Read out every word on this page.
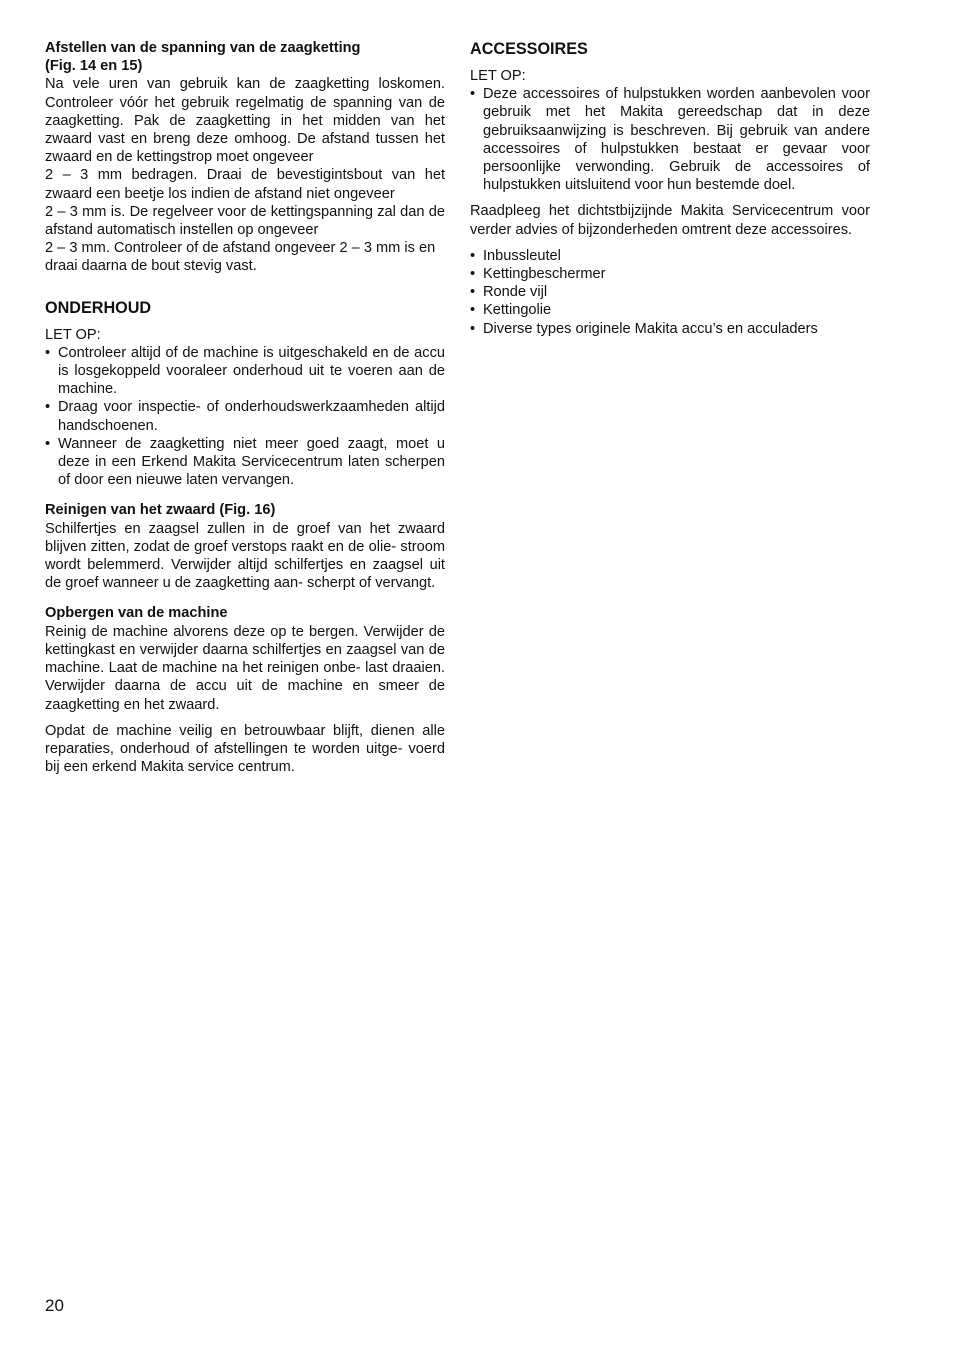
Afstellen van de spanning van de zaagketting
(Fig. 14 en 15)

Na vele uren van gebruik kan de zaagketting loskomen. Controleer vóór het gebruik regelmatig de spanning van de zaagketting. Pak de zaagketting in het midden van het zwaard vast en breng deze omhoog. De afstand tussen het zwaard en de kettingstrop moet ongeveer

2 – 3 mm bedragen. Draai de bevestigintsbout van het zwaard een beetje los indien de afstand niet ongeveer

2 – 3 mm is. De regelveer voor de kettingspanning zal dan de afstand automatisch instellen op ongeveer

2 – 3 mm. Controleer of de afstand ongeveer 2 – 3 mm is en draai daarna de bout stevig vast.

ONDERHOUD
LET OP:
• Controleer altijd of de machine is uitgeschakeld en de accu is losgekoppeld vooraleer onderhoud uit te voeren aan de machine.
• Draag voor inspectie- of onderhoudswerkzaamheden altijd handschoenen.
• Wanneer de zaagketting niet meer goed zaagt, moet u deze in een Erkend Makita Servicecentrum laten scherpen of door een nieuwe laten vervangen.
Reinigen van het zwaard (Fig. 16)

Schilfertjes en zaagsel zullen in de groef van het zwaard blijven zitten, zodat de groef verstops raakt en de olie- stroom wordt belemmerd. Verwijder altijd schilfertjes en zaagsel uit de groef wanneer u de zaagketting aan- scherpt of vervangt.

Opbergen van de machine

Reinig de machine alvorens deze op te bergen. Verwijder de kettingkast en verwijder daarna schilfertjes en zaagsel van de machine. Laat de machine na het reinigen onbe- last draaien. Verwijder daarna de accu uit de machine en smeer de zaagketting en het zwaard.

Opdat de machine veilig en betrouwbaar blijft, dienen alle reparaties, onderhoud of afstellingen te worden uitge- voerd bij een erkend Makita service centrum.

ACCESSOIRES
LET OP:
• Deze accessoires of hulpstukken worden aanbevolen voor gebruik met het Makita gereedschap dat in deze gebruiksaanwijzing is beschreven. Bij gebruik van andere accessoires of hulpstukken bestaat er gevaar voor persoonlijke verwonding. Gebruik de accessoires of hulpstukken uitsluitend voor hun bestemde doel.

Raadpleeg het dichtstbijzijnde Makita Servicecentrum voor verder advies of bijzonderheden omtrent deze accessoires.

• Inbussleutel
• Kettingbeschermer
• Ronde vijl
• Kettingolie
• Diverse types originele Makita accu’s en acculaders
20
